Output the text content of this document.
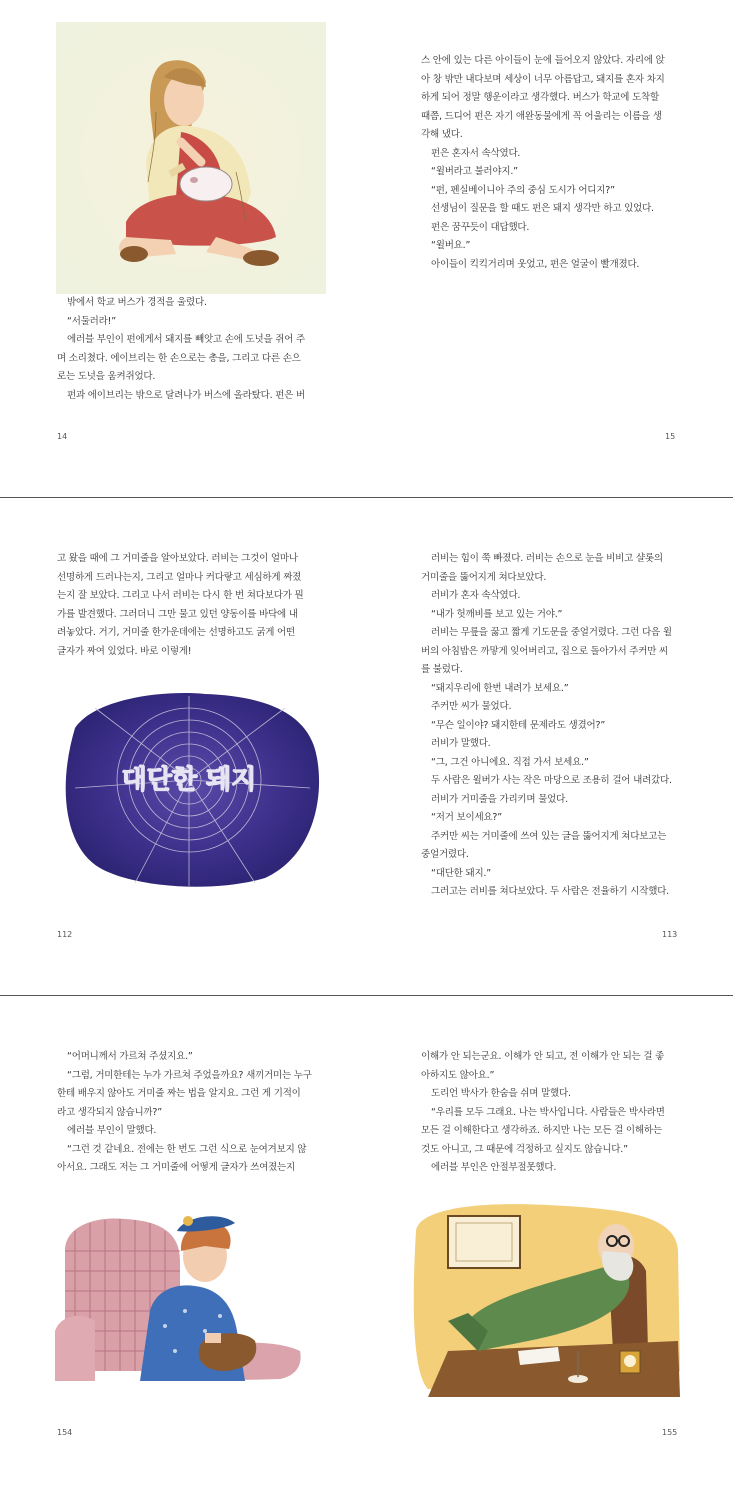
밖에서 학교 버스가 경적을 울렸다.

“서둘러라!”

에러블 부인이 펀에게서 돼지를 빼앗고 손에 도넛을 쥐어 주

며 소리쳤다. 에이브리는 한 손으로는 총을, 그리고 다른 손으

로는 도넛을 움켜쥐었다.

펀과 에이브리는 밖으로 달려나가 버스에 올라탔다. 펀은 버

스 안에 있는 다른 아이들이 눈에 들어오지 않았다. 자리에 앉

아 창 밖만 내다보며 세상이 너무 아름답고, 돼지를 혼자 차지

하게 되어 정말 행운이라고 생각했다. 버스가 학교에 도착할

때쯤, 드디어 펀은 자기 애완동물에게 꼭 어울리는 이름을 생

각해 냈다.

펀은 혼자서 속삭였다.

“윌버라고 불러야지.”

“펀, 펜실베이니아 주의 중심 도시가 어디지?”

선생님이 질문을 할 때도 펀은 돼지 생각만 하고 있었다.

펀은 꿈꾸듯이 대답했다.

“윌버요.”

아이들이 킥킥거리며 웃었고, 펀은 얼굴이 빨개졌다.

14	15

고 왔을 때에 그 거미줄을 알아보았다. 러비는 그것이 얼마나

선명하게 드러나는지, 그리고 얼마나 커다랗고 세심하게 짜졌

는지 잘 보았다. 그리고 나서 러비는 다시 한 번 쳐다보다가 뭔

가를 발견했다. 그러더니 그만 물고 있던 양동이를 바닥에 내

려놓았다. 거기, 거미줄 한가운데에는 선명하고도 굵게 어떤

글자가 짜여 있었다. 바로 이렇게!

대단한 돼지

러비는 힘이 쭉 빠졌다. 러비는 손으로 눈을 비비고 샬롯의

거미줄을 뚫어지게 쳐다보았다.

러비가 혼자 속삭였다.

“내가 헛깨비를 보고 있는 거야.”

러비는 무릎을 꿇고 짧게 기도문을 중얼거렸다. 그런 다음 윌

버의 아침밥은 까맣게 잊어버리고, 집으로 돌아가서 주커만 씨

를 불렀다.

“돼지우리에 한번 내려가 보세요.”

주커만 씨가 물었다.

“무슨 일이야? 돼지한테 문제라도 생겼어?”

러비가 말했다.

“그, 그건 아니에요. 직접 가서 보세요.”

두 사람은 윌버가 사는 작은 마당으로 조용히 걸어 내려갔다.

러비가 거미줄을 가리키며 물었다.

“저거 보이세요?”

주커만 씨는 거미줄에 쓰여 있는 글을 뚫어지게 쳐다보고는

중얼거렸다.

“대단한 돼지.”

그러고는 러비를 쳐다보았다. 두 사람은 전율하기 시작했다.

112	113

“어머니께서 가르쳐 주셨지요.”

“그럼, 거미한테는 누가 가르쳐 주었을까요? 새끼거미는 누구

한테 배우지 않아도 거미줄 짜는 법을 알지요. 그런 게 기적이

라고 생각되지 않습니까?”

에러블 부인이 말했다.

“그런 것 같네요. 전에는 한 번도 그런 식으로 눈여겨보지 않

아서요. 그래도 저는 그 거미줄에 어떻게 글자가 쓰여졌는지

이해가 안 되는군요. 이해가 안 되고, 전 이해가 안 되는 걸 좋

아하지도 않아요.”

도리언 박사가 한숨을 쉬며 말했다.

“우리를 모두 그래요. 나는 박사입니다. 사람들은 박사라면

모든 걸 이해한다고 생각하죠. 하지만 나는 모든 걸 이해하는

것도 아니고, 그 때문에 걱정하고 싶지도 않습니다.”

에러블 부인은 안절부절못했다.

154	155
